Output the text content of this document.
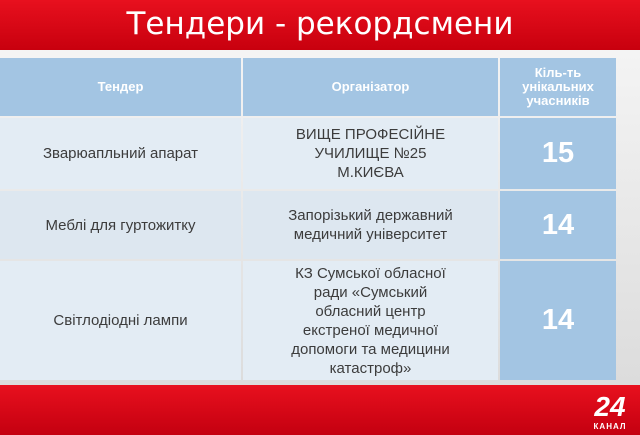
Тендери - рекордсмени
Тендер	Організатор
Кіль-ть унікальних учасників
Зварюапльний апарат
ВИЩЕ ПРОФЕСІЙНЕ УЧИЛИЩЕ №25 М.КИЄВА
15
Меблі для гуртожитку
Запорізький державний медичний університет	14
Світлодіодні лампи
КЗ Сумської обласної ради «Сумський обласний центр екстреної медичної допомоги та медицини катастроф»
14
24
КАНАЛ
